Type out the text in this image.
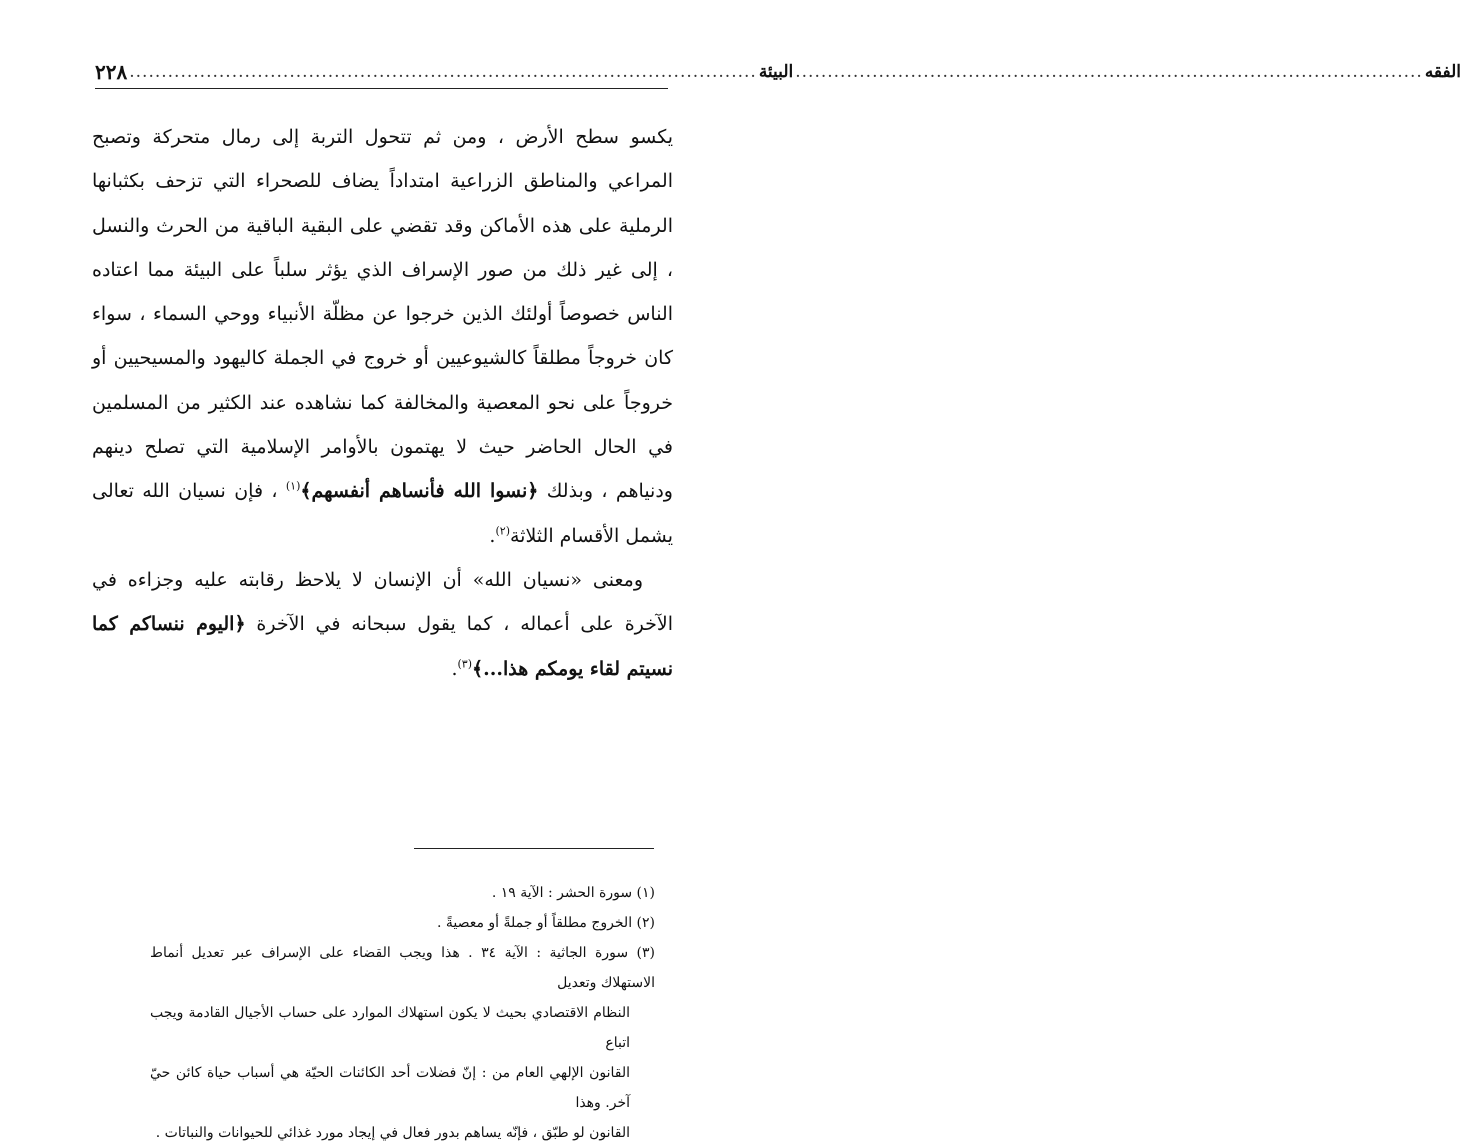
٢٢٨ .................................................................................................. البيئة .................................................................................................. الفقه

يكسو سطح الأرض ، ومن ثم تتحول التربة إلى رمال متحركة وتصبح المراعي والمناطق الزراعية امتداداً يضاف للصحراء التي تزحف بكثبانها الرملية على هذه الأماكن وقد تقضي على البقية الباقية من الحرث والنسل ، إلى غير ذلك من صور الإسراف الذي يؤثر سلباً على البيئة مما اعتاده الناس خصوصاً أولئك الذين خرجوا عن مظلّة الأنبياء ووحي السماء ، سواء كان خروجاً مطلقاً كالشيوعيين أو خروج في الجملة كاليهود والمسيحيين أو خروجاً على نحو المعصية والمخالفة كما نشاهده عند الكثير من المسلمين في الحال الحاضر حيث لا يهتمون بالأوامر الإسلامية التي تصلح دينهم ودنياهم ، وبذلك ﴿نسوا الله فأنساهم أنفسهم﴾$^{(١)}$ ، فإن نسيان الله تعالى يشمل الأقسام الثلاثة$^{(٢)}$.

ومعنى «نسيان الله» أن الإنسان لا يلاحظ رقابته عليه وجزاءه في الآخرة على أعماله ، كما يقول سبحانه في الآخرة ﴿اليوم ننساكم كما نسيتم لقاء يومكم هذا...﴾$^{(٣)}$.

(١) سورة الحشر : الآية ١٩ .

(٢) الخروج مطلقاً أو جملةً أو معصيةً .

(٣) سورة الجاثية : الآية ٣٤ . هذا ويجب القضاء على الإسراف عبر تعديل أنماط الاستهلاك وتعديل

النظام الاقتصادي بحيث لا يكون استهلاك الموارد على حساب الأجيال القادمة ويجب اتباع

القانون الإلهي العام من : إنّ فضلات أحد الكائنات الحيّة هي أسباب حياة كائن حيّ آخر. وهذا

القانون لو طبّق ، فإنّه يساهم بدور فعال في إيجاد مورد غذائي للحيوانات والنباتات .
